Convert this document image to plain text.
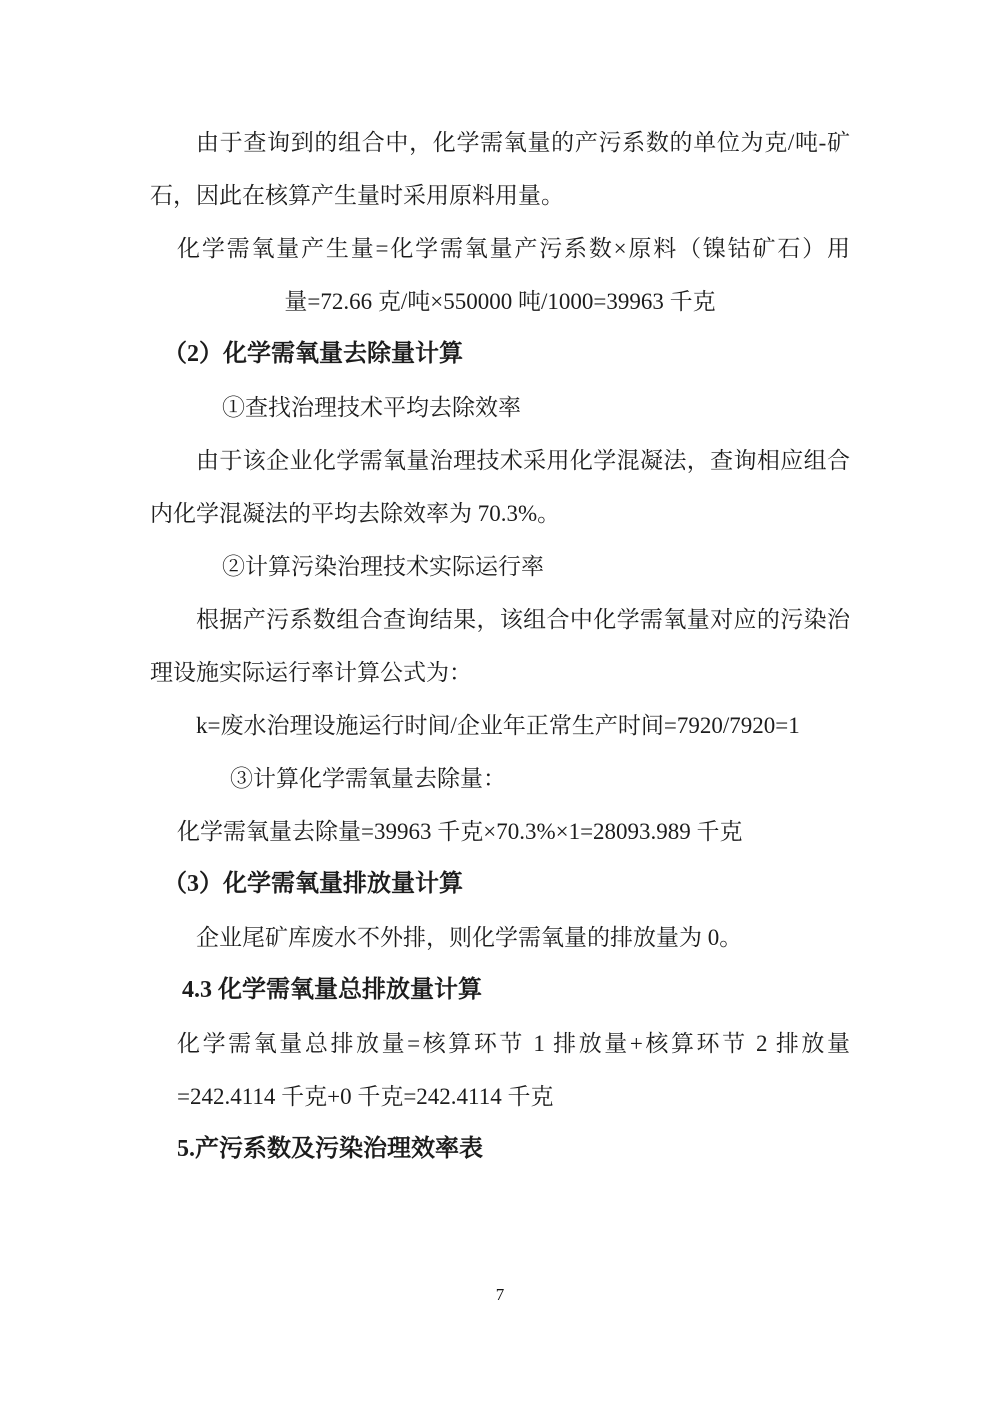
由于查询到的组合中，化学需氧量的产污系数的单位为克/吨-矿
石，因此在核算产生量时采用原料用量。
化学需氧量产生量=化学需氧量产污系数×原料（镍钴矿石）用
量=72.66 克/吨×550000 吨/1000=39963 千克
（2）化学需氧量去除量计算
①查找治理技术平均去除效率
由于该企业化学需氧量治理技术采用化学混凝法，查询相应组合
内化学混凝法的平均去除效率为 70.3%。
②计算污染治理技术实际运行率
根据产污系数组合查询结果，该组合中化学需氧量对应的污染治
理设施实际运行率计算公式为：
k=废水治理设施运行时间/企业年正常生产时间=7920/7920=1
③计算化学需氧量去除量：
化学需氧量去除量=39963 千克×70.3%×1=28093.989 千克
（3）化学需氧量排放量计算
企业尾矿库废水不外排，则化学需氧量的排放量为 0。
4.3 化学需氧量总排放量计算
化学需氧量总排放量=核算环节 1 排放量+核算环节 2 排放量
=242.4114 千克+0 千克=242.4114 千克
5.产污系数及污染治理效率表
7
